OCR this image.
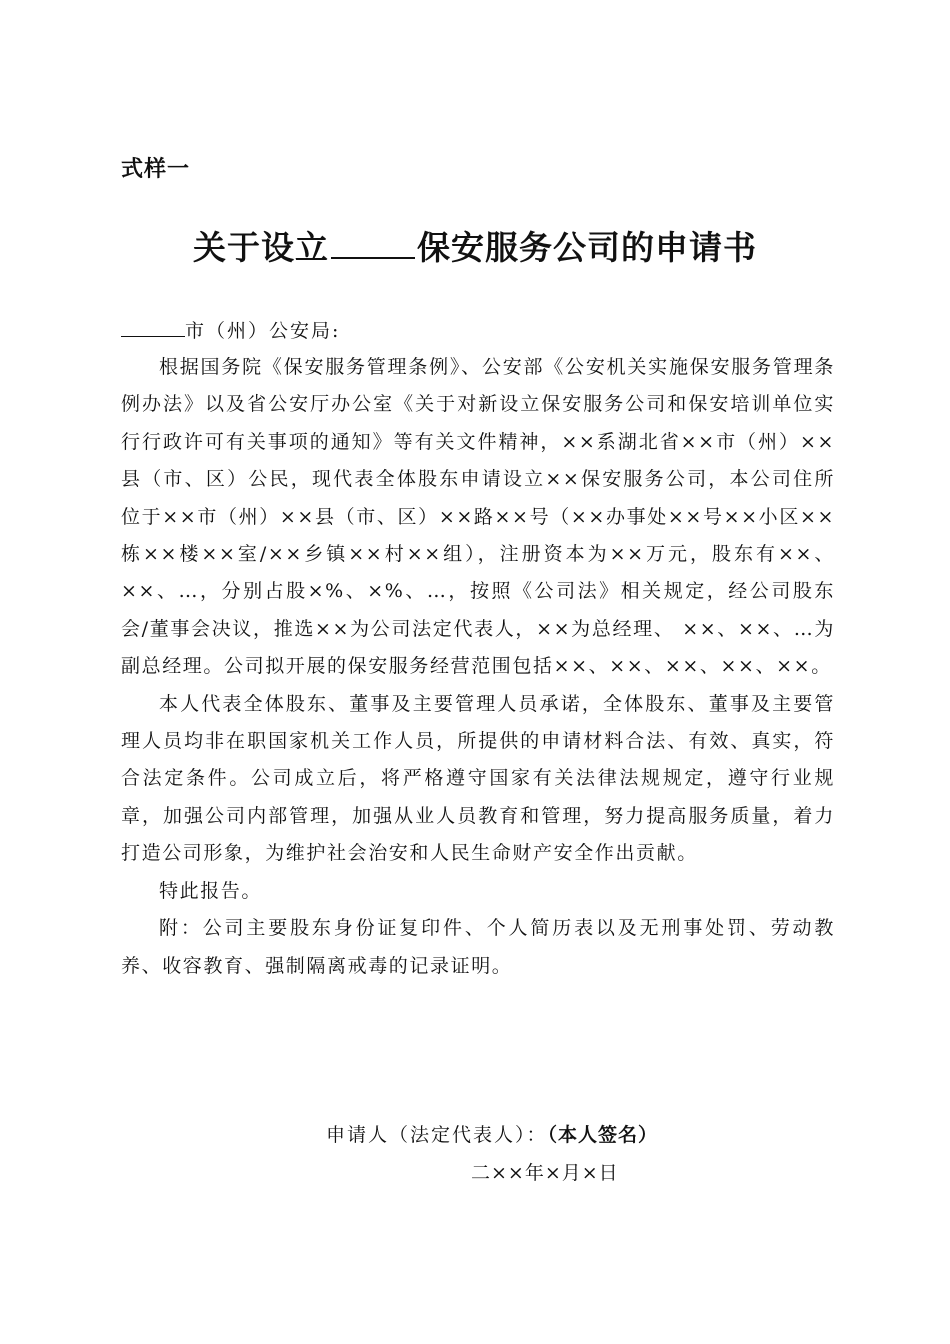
式样一
关于设立	保安服务公司的申请书
市（州）公安局:

根据国务院《保安服务管理条例》、公安部《公安机关实施保安服务管理条例办法》以及省公安厅办公室《关于对新设立保安服务公司和保安培训单位实行行政许可有关事项的通知》等有关文件精神，××系湖北省××市（州）××县（市、区）公民，现代表全体股东申请设立××保安服务公司，本公司住所位于××市（州）××县（市、区）××路××号（××办事处××号××小区××栋××楼××室/××乡镇××村××组），注册资本为××万元，股东有××、 ××、…，分别占股×%、×%、…，按照《公司法》相关规定，经公司股东会/董事会决议，推选××为公司法定代表人，××为总经理、 ××、××、…为副总经理。公司拟开展的保安服务经营范围包括××、××、××、××、××。

本人代表全体股东、董事及主要管理人员承诺，全体股东、董事及主要管理人员均非在职国家机关工作人员，所提供的申请材料合法、有效、真实，符合法定条件。公司成立后，将严格遵守国家有关法律法规规定，遵守行业规章，加强公司内部管理，加强从业人员教育和管理，努力提高服务质量，着力打造公司形象，为维护社会治安和人民生命财产安全作出贡献。

特此报告。

附：公司主要股东身份证复印件、个人简历表以及无刑事处罚、劳动教养、收容教育、强制隔离戒毒的记录证明。

申请人（法定代表人）：（本人签名）
二××年×月×日
